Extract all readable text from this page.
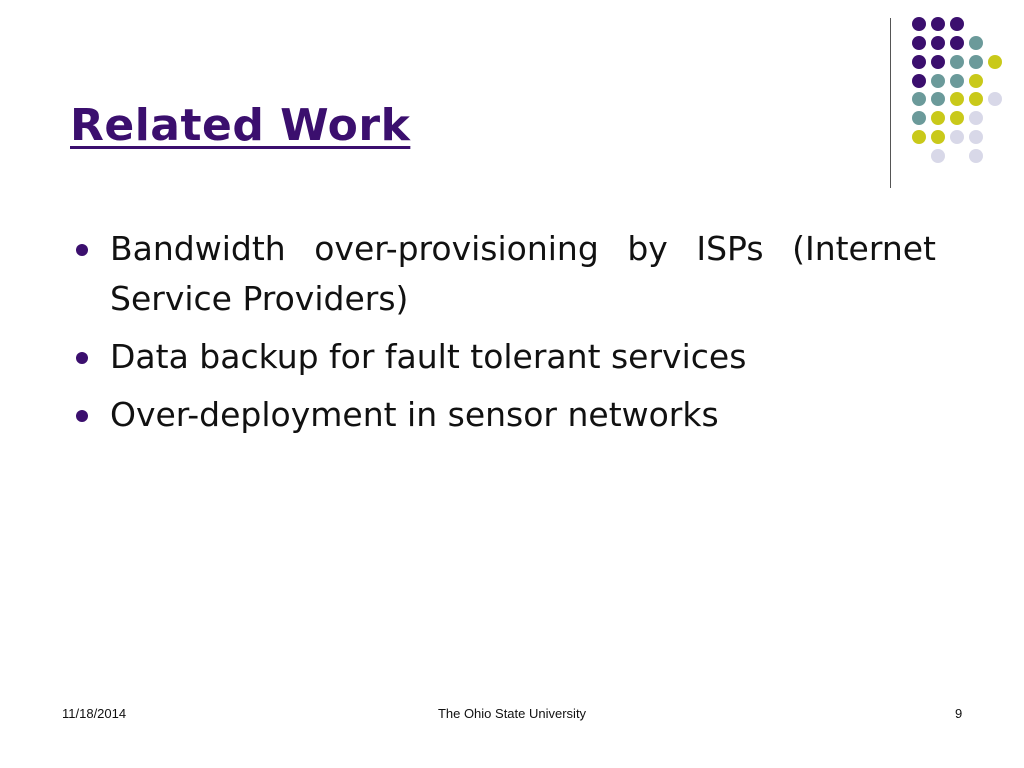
Related Work
Bandwidth over-provisioning by ISPs (Internet Service Providers)
Data backup for fault tolerant services
Over-deployment in sensor networks
11/18/2014	The Ohio State University	9
